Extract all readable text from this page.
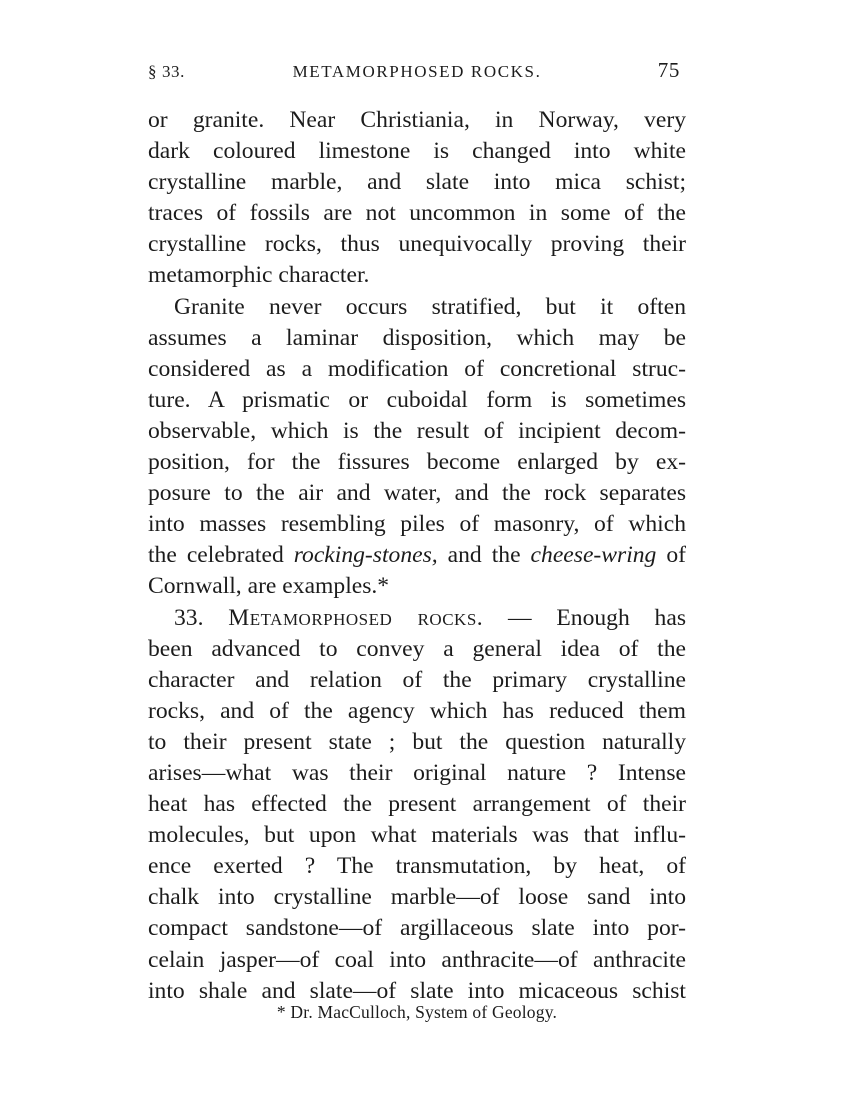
§ 33.	METAMORPHOSED ROCKS.	75
or granite. Near Christiania, in Norway, very
dark coloured limestone is changed into white
crystalline marble, and slate into mica schist;
traces of fossils are not uncommon in some of the
crystalline rocks, thus unequivocally proving their
metamorphic character.
Granite never occurs stratified, but it often
assumes a laminar disposition, which may be
considered as a modification of concretional struc-
ture. A prismatic or cuboidal form is sometimes
observable, which is the result of incipient decom-
position, for the fissures become enlarged by ex-
posure to the air and water, and the rock separates
into masses resembling piles of masonry, of which
the celebrated rocking-stones, and the cheese-wring of
Cornwall, are examples.*
33. Metamorphosed rocks. — Enough has
been advanced to convey a general idea of the
character and relation of the primary crystalline
rocks, and of the agency which has reduced them
to their present state ; but the question naturally
arises—what was their original nature ? Intense
heat has effected the present arrangement of their
molecules, but upon what materials was that influ-
ence exerted ? The transmutation, by heat, of
chalk into crystalline marble—of loose sand into
compact sandstone—of argillaceous slate into por-
celain jasper—of coal into anthracite—of anthracite
into shale and slate—of slate into micaceous schist
* Dr. MacCulloch, System of Geology.
